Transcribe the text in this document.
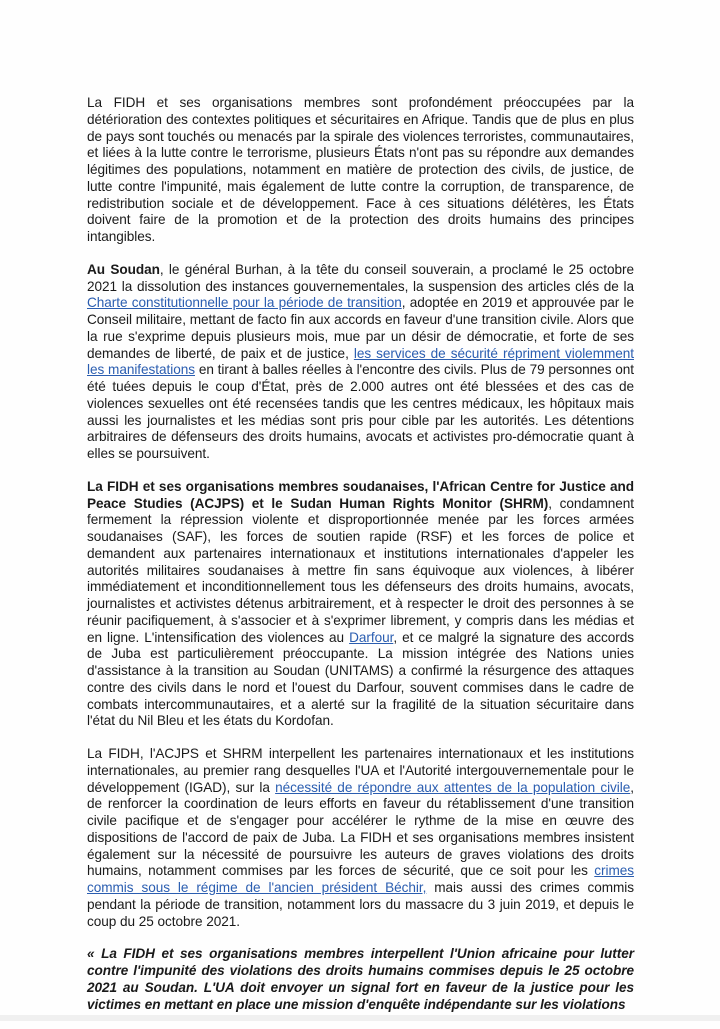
La FIDH et ses organisations membres sont profondément préoccupées par la détérioration des contextes politiques et sécuritaires en Afrique. Tandis que de plus en plus de pays sont touchés ou menacés par la spirale des violences terroristes, communautaires, et liées à la lutte contre le terrorisme, plusieurs États n'ont pas su répondre aux demandes légitimes des populations, notamment en matière de protection des civils, de justice, de lutte contre l'impunité, mais également de lutte contre la corruption, de transparence, de redistribution sociale et de développement. Face à ces situations délétères, les États doivent faire de la promotion et de la protection des droits humains des principes intangibles.

Au Soudan, le général Burhan, à la tête du conseil souverain, a proclamé le 25 octobre 2021 la dissolution des instances gouvernementales, la suspension des articles clés de la Charte constitutionnelle pour la période de transition, adoptée en 2019 et approuvée par le Conseil militaire, mettant de facto fin aux accords en faveur d'une transition civile. Alors que la rue s'exprime depuis plusieurs mois, mue par un désir de démocratie, et forte de ses demandes de liberté, de paix et de justice, les services de sécurité répriment violemment les manifestations en tirant à balles réelles à l'encontre des civils. Plus de 79 personnes ont été tuées depuis le coup d'État, près de 2.000 autres ont été blessées et des cas de violences sexuelles ont été recensées tandis que les centres médicaux, les hôpitaux mais aussi les journalistes et les médias sont pris pour cible par les autorités. Les détentions arbitraires de défenseurs des droits humains, avocats et activistes pro-démocratie quant à elles se poursuivent.

La FIDH et ses organisations membres soudanaises, l'African Centre for Justice and Peace Studies (ACJPS) et le Sudan Human Rights Monitor (SHRM), condamnent fermement la répression violente et disproportionnée menée par les forces armées soudanaises (SAF), les forces de soutien rapide (RSF) et les forces de police et demandent aux partenaires internationaux et institutions internationales d'appeler les autorités militaires soudanaises à mettre fin sans équivoque aux violences, à libérer immédiatement et inconditionnellement tous les défenseurs des droits humains, avocats, journalistes et activistes détenus arbitrairement, et à respecter le droit des personnes à se réunir pacifiquement, à s'associer et à s'exprimer librement, y compris dans les médias et en ligne. L'intensification des violences au Darfour, et ce malgré la signature des accords de Juba est particulièrement préoccupante. La mission intégrée des Nations unies d'assistance à la transition au Soudan (UNITAMS) a confirmé la résurgence des attaques contre des civils dans le nord et l'ouest du Darfour, souvent commises dans le cadre de combats intercommunautaires, et a alerté sur la fragilité de la situation sécuritaire dans l'état du Nil Bleu et les états du Kordofan.

La FIDH, l'ACJPS et SHRM interpellent les partenaires internationaux et les institutions internationales, au premier rang desquelles l'UA et l'Autorité intergouvernementale pour le développement (IGAD), sur la nécessité de répondre aux attentes de la population civile, de renforcer la coordination de leurs efforts en faveur du rétablissement d'une transition civile pacifique et de s'engager pour accélérer le rythme de la mise en œuvre des dispositions de l'accord de paix de Juba. La FIDH et ses organisations membres insistent également sur la nécessité de poursuivre les auteurs de graves violations des droits humains, notamment commises par les forces de sécurité, que ce soit pour les crimes commis sous le régime de l'ancien président Béchir, mais aussi des crimes commis pendant la période de transition, notamment lors du massacre du 3 juin 2019, et depuis le coup du 25 octobre 2021.

« La FIDH et ses organisations membres interpellent l'Union africaine pour lutter contre l'impunité des violations des droits humains commises depuis le 25 octobre 2021 au Soudan. L'UA doit envoyer un signal fort en faveur de la justice pour les victimes en mettant en place une mission d'enquête indépendante sur les violations
